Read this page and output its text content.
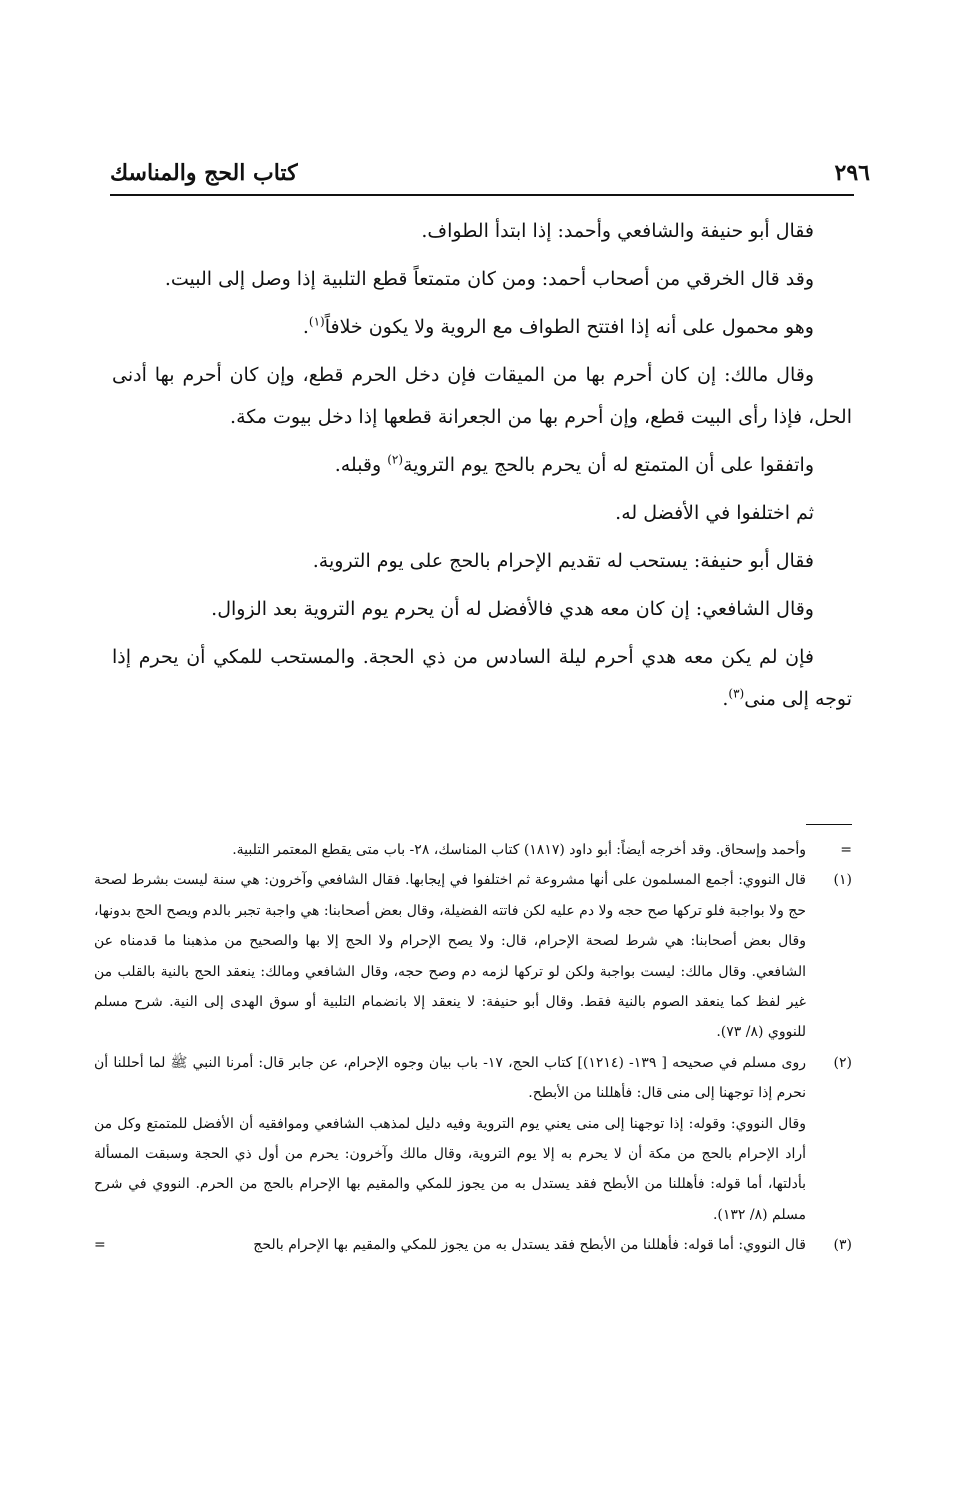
٢٩٦
كتاب الحج والمناسك

فقال أبو حنيفة والشافعي وأحمد: إذا ابتدأ الطواف.

وقد قال الخرقي من أصحاب أحمد: ومن كان متمتعاً قطع التلبية إذا وصل إلى البيت.

وهو محمول على أنه إذا افتتح الطواف مع الروية ولا يكون خلافاً$^{(١)}$.

وقال مالك: إن كان أحرم بها من الميقات فإن دخل الحرم قطع، وإن كان أحرم بها أدنى الحل، فإذا رأى البيت قطع، وإن أحرم بها من الجعرانة قطعها إذا دخل بيوت مكة.

واتفقوا على أن المتمتع له أن يحرم بالحج يوم التروية$^{(٢)}$ وقبله.

ثم اختلفوا في الأفضل له.

فقال أبو حنيفة: يستحب له تقديم الإحرام بالحج على يوم التروية.

وقال الشافعي: إن كان معه هدي فالأفضل له أن يحرم يوم التروية بعد الزوال.

فإن لم يكن معه هدي أحرم ليلة السادس من ذي الحجة. والمستحب للمكي أن يحرم إذا توجه إلى منى$^{(٣)}$.

=
وأحمد وإسحاق. وقد أخرجه أيضاً: أبو داود (١٨١٧) كتاب المناسك، ٢٨- باب متى يقطع المعتمر التلبية.
(١)
قال النووي: أجمع المسلمون على أنها مشروعة ثم اختلفوا في إيجابها. فقال الشافعي وآخرون: هي سنة ليست بشرط لصحة حج ولا بواجبة فلو تركها صح حجه ولا دم عليه لكن فاتته الفضيلة، وقال بعض أصحابنا: هي واجبة تجبر بالدم ويصح الحج بدونها، وقال بعض أصحابنا: هي شرط لصحة الإحرام، قال: ولا يصح الإحرام ولا الحج إلا بها والصحيح من مذهبنا ما قدمناه عن الشافعي. وقال مالك: ليست بواجبة ولكن لو تركها لزمه دم وصح حجه، وقال الشافعي ومالك: ينعقد الحج بالنية بالقلب من غير لفظ كما ينعقد الصوم بالنية فقط. وقال أبو حنيفة: لا ينعقد إلا بانضمام التلبية أو سوق الهدى إلى النية. شرح مسلم للنووي (٨/ ٧٣).
(٢)
روى مسلم في صحيحه [ ١٣٩- (١٢١٤)] كتاب الحج، ١٧- باب بيان وجوه الإحرام، عن جابر قال: أمرنا النبي ﷺ لما أحللنا أن نحرم إذا توجهنا إلى منى قال: فأهللنا من الأبطح.
وقال النووي: وقوله: إذا توجهنا إلى منى يعني يوم التروية وفيه دليل لمذهب الشافعي وموافقيه أن الأفضل للمتمتع وكل من أراد الإحرام بالحج من مكة أن لا يحرم به إلا يوم التروية، وقال مالك وآخرون: يحرم من أول ذي الحجة وسبقت المسألة بأدلتها، أما قوله: فأهللنا من الأبطح فقد يستدل به من يجوز للمكي والمقيم بها الإحرام بالحج من الحرم. النووي في شرح مسلم (٨/ ١٣٢).
(٣)
قال النووي: أما قوله: فأهللنا من الأبطح فقد يستدل به من يجوز للمكي والمقيم بها الإحرام بالحج
=
